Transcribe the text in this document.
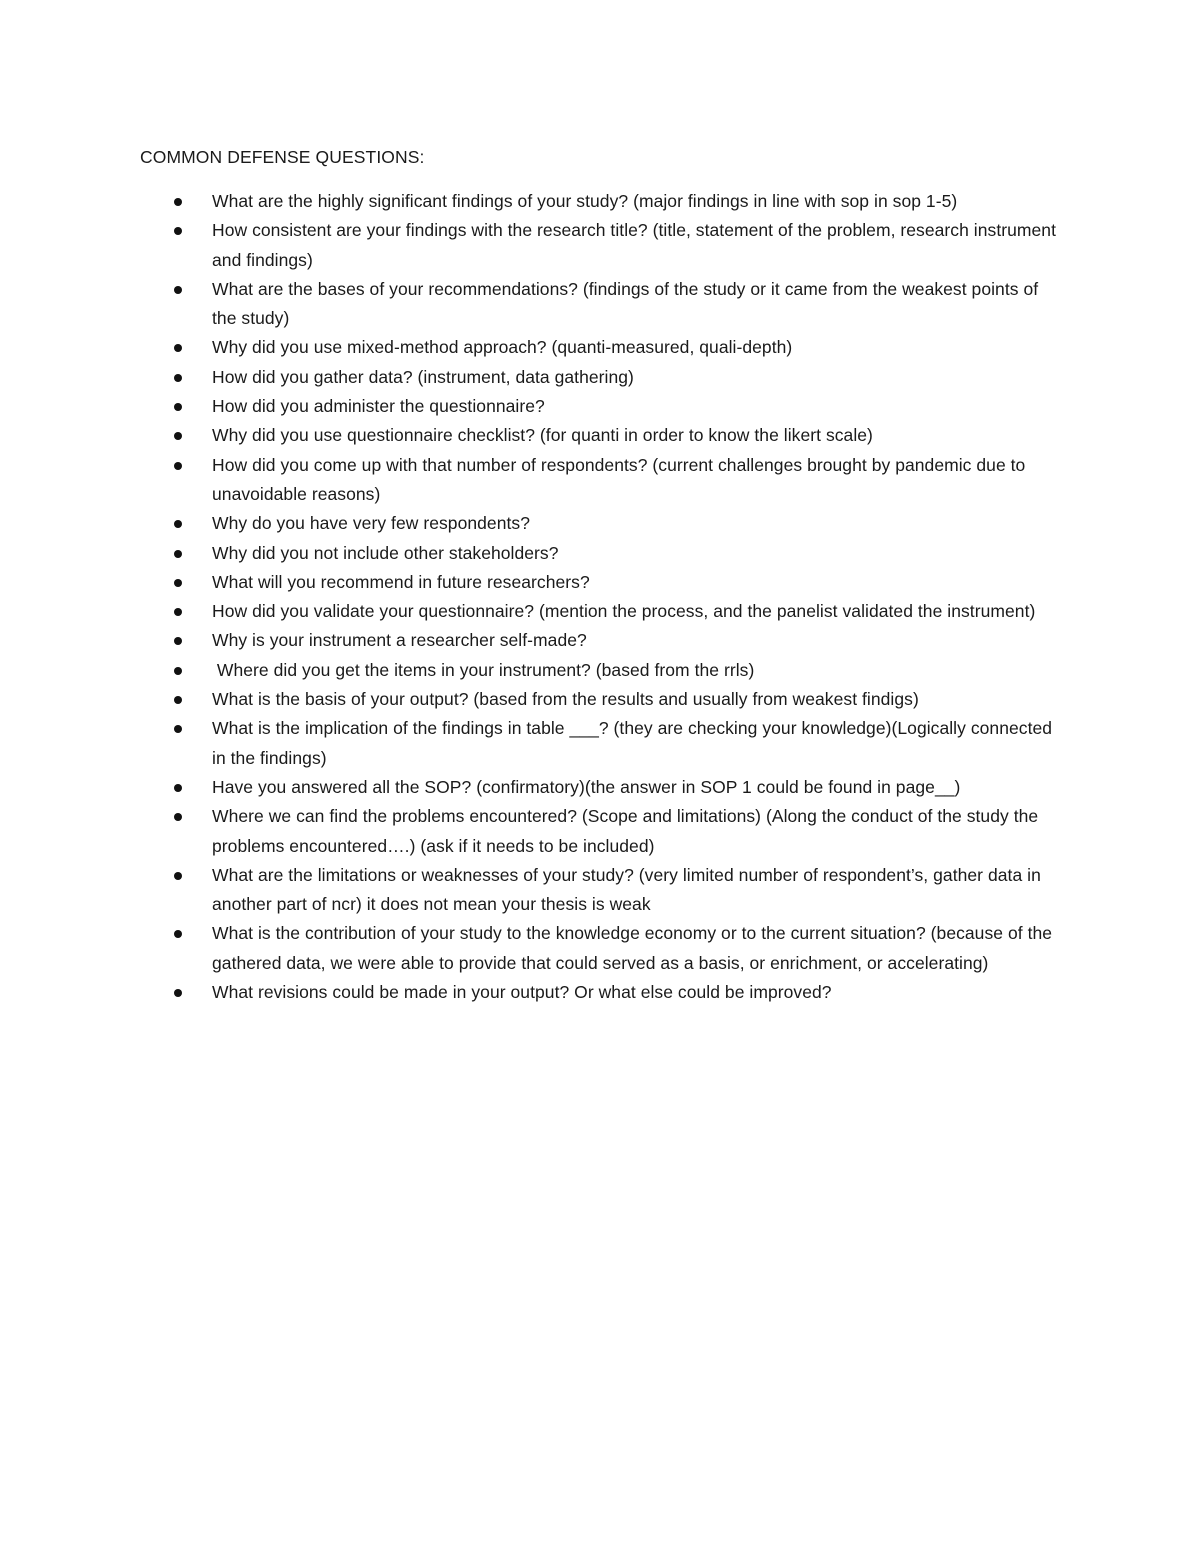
COMMON DEFENSE QUESTIONS:

What are the highly significant findings of your study? (major findings in line with sop in sop 1-5)
How consistent are your findings with the research title? (title, statement of the problem, research instrument and findings)
What are the bases of your recommendations? (findings of the study or it came from the weakest points of the study)
Why did you use mixed-method approach? (quanti-measured, quali-depth)
How did you gather data? (instrument, data gathering)
How did you administer the questionnaire?
Why did you use questionnaire checklist? (for quanti in order to know the likert scale)
How did you come up with that number of respondents? (current challenges brought by pandemic due to unavoidable reasons)
Why do you have very few respondents?
Why did you not include other stakeholders?
What will you recommend in future researchers?
How did you validate your questionnaire? (mention the process, and the panelist validated the instrument)
Why is your instrument a researcher self-made?
Where did you get the items in your instrument? (based from the rrls)
What is the basis of your output? (based from the results and usually from weakest findigs)
What is the implication of the findings in table ___? (they are checking your knowledge)(Logically connected in the findings)
Have you answered all the SOP? (confirmatory)(the answer in SOP 1 could be found in page__)
Where we can find the problems encountered? (Scope and limitations) (Along the conduct of the study the problems encountered….) (ask if it needs to be included)
What are the limitations or weaknesses of your study? (very limited number of respondent’s, gather data in another part of ncr) it does not mean your thesis is weak
What is the contribution of your study to the knowledge economy or to the current situation? (because of the gathered data, we were able to provide that could served as a basis, or enrichment, or accelerating)
What revisions could be made in your output? Or what else could be improved?
